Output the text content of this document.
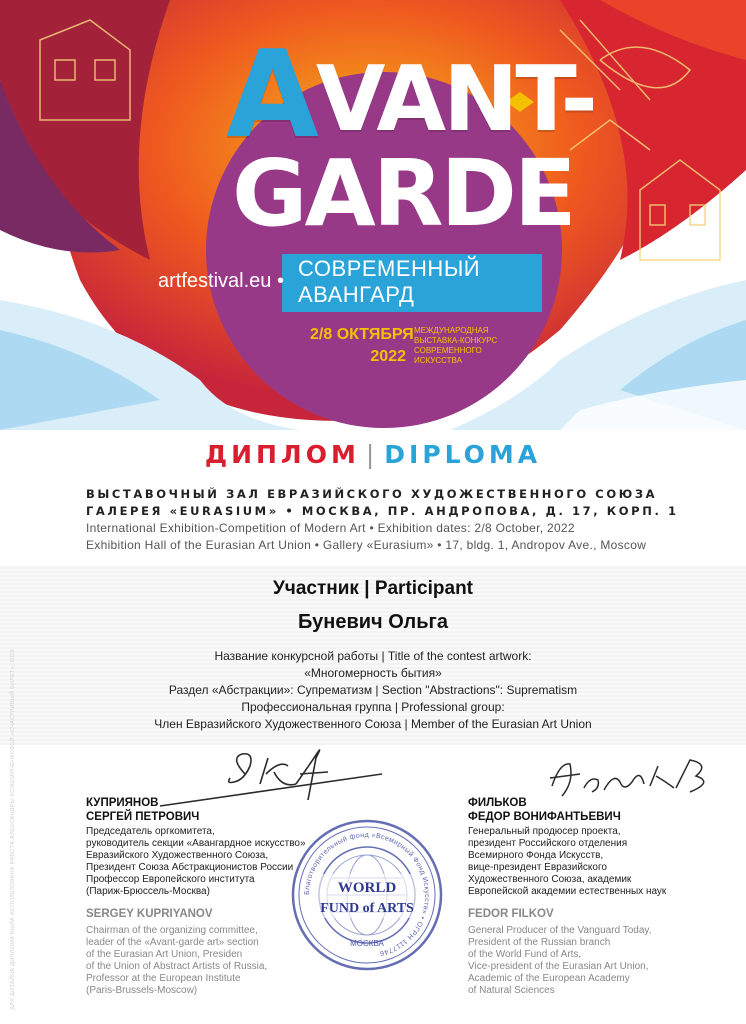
AVANT-
GARDE
artfestival.eu • СОВРЕМЕННЫЙ
АВАНГАРД
2/8 ОКТЯБРЯ
2022
МЕЖДУНАРОДНАЯ
ВЫСТАВКА-КОНКУРС
СОВРЕМЕННОГО
ИСКУССТВА
ДИПЛОМ | DIPLOMA
ВЫСТАВОЧНЫЙ ЗАЛ ЕВРАЗИЙСКОГО ХУДОЖЕСТВЕННОГО СОЮЗА
ГАЛЕРЕЯ «EURASIUM» • МОСКВА, ПР. АНДРОПОВА, Д. 17, КОРП. 1
International Exhibition-Competition of Modern Art • Exhibition dates: 2/8 October, 2022
Exhibition Hall of the Eurasian Art Union • Gallery «Eurasium» • 17, bldg. 1, Andropov Ave., Moscow
Участник | Participant
Буневич Ольга
Название конкурсной работы | Title of the contest artwork:
«Многомерность бытия»
Раздел «Абстракции»: Супрематизм | Section "Abstractions": Suprematism
Профессиональная группа | Professional group:
Член Евразийского Художественного Союза | Member of the Eurasian Art Union
КУПРИЯНОВ
СЕРГЕЙ ПЕТРОВИЧ
Председатель оргкомитета,
руководитель секции «Авангардное искусство»
Евразийского Художественного Союза,
Президент Союза Абстракционистов России
Профессор Европейского института
(Париж-Брюссель-Москва)
SERGEY KUPRIYANOV
Chairman of the organizing committee,
leader of the «Avant-garde art» section
of the Eurasian Art Union, Presiden
of the Union of Abstract Artists of Russia,
Professor at the European Institute
(Paris-Brussels-Moscow)
ФИЛЬКОВ
ФЕДОР ВОНИФАНТЬЕВИЧ
Генеральный продюсер проекта,
президент Российского отделения
Всемирного Фонда Искусств,
вице-президент Евразийского
Художественного Союза, академик
Европейской академии естественных наук
FEDOR FILKOV
General Producer of the Vanguard Today,
President of the Russian branch
of the World Fund of Arts,
Vice-president of the Eurasian Art Union,
Academic of the European Academy
of Natural Sciences
Благотворительный фонд «Всемирный Фонд Искусств» • ОГРН 1117746
WORLD
FUND of ARTS
МОСКВА
ДЛЯ ДИЗАЙНА ДИПЛОМА БЫЛА ИСПОЛЬЗОВАНА РАБОТА АЛЕКСАНДРЫ КОЖЕМЯЧЕНКОВОЙ «СЧАСТЛИВЫЙ БИЛЕТ», 2022
